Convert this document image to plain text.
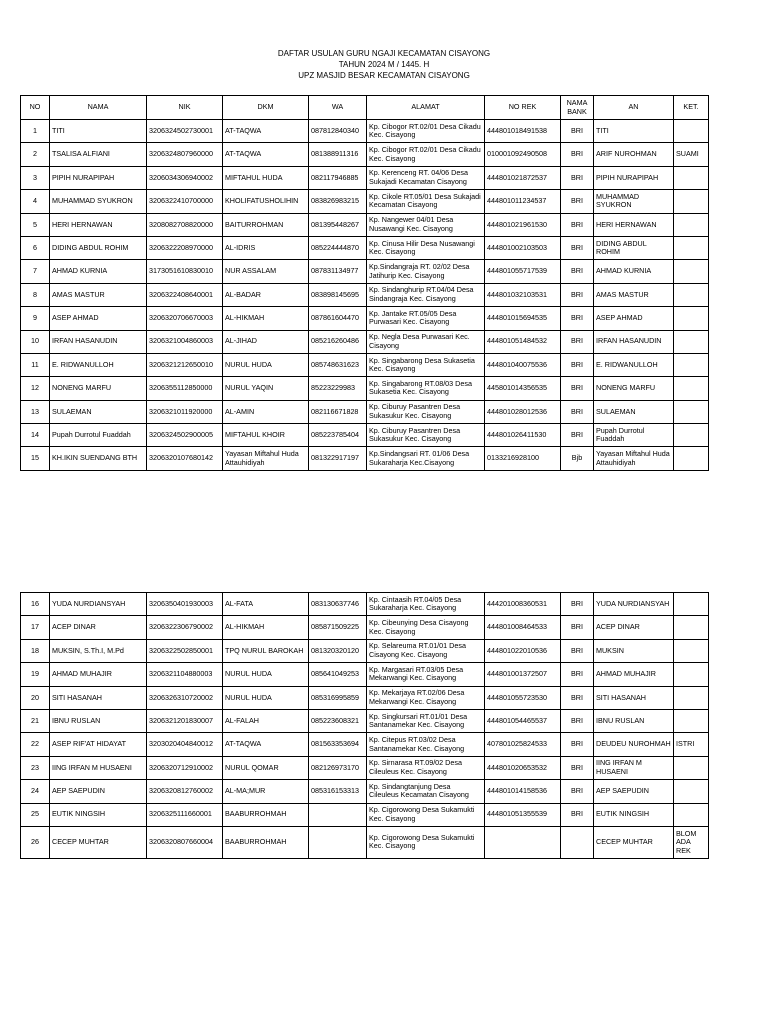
DAFTAR USULAN GURU NGAJI KECAMATAN CISAYONG
TAHUN 2024 M / 1445. H
UPZ MASJID BESAR KECAMATAN CISAYONG
NO	NAMA	NIK	DKM	WA	ALAMAT	NO REK	NAMA BANK	AN	KET.
1	TITI	3206324502730001	AT-TAQWA	087812840340	Kp. Cibogor RT.02/01 Desa Cikadu Kec. Cisayong	444801018491538	BRI	TITI	
2	TSALISA ALFIANI	3206324807960000	AT-TAQWA	081388911316	Kp. Cibogor RT.02/01 Desa Cikadu Kec. Cisayong	010001092490508	BRI	ARIF NUROHMAN	SUAMI
3	PIPIH NURAPIPAH	3206034306940002	MIFTAHUL HUDA	082117946885	Kp. Kerenceng RT. 04/06 Desa Sukajadi Kecamatan Cisayong	444801021872537	BRI	PIPIH NURAPIPAH	
4	MUHAMMAD SYUKRON	3206322410700000	KHOLIFATUSHOLIHIN	083826983215	Kp. Cikole RT.05/01 Desa Sukajadi Kecamatan Cisayong	444801011234537	BRI	MUHAMMAD SYUKRON	
5	HERI HERNAWAN	3208082708820000	BAITURROHMAN	081395448267	Kp. Nangewer 04/01 Desa Nusawangi Kec. Cisayong	444801021961530	BRI	HERI HERNAWAN	
6	DIDING ABDUL ROHIM	3206322208970000	AL-IDRIS	085224444870	Kp. Cinusa Hilir Desa Nusawangi Kec. Cisayong	444801002103503	BRI	DIDING ABDUL ROHIM	
7	AHMAD KURNIA	3173051610830010	NUR ASSALAM	087831134977	Kp.Sindangraja RT. 02/02 Desa Jatihurip Kec. Cisayong	444801055717539	BRI	AHMAD KURNIA	
8	AMAS MASTUR	3206322408640001	AL-BADAR	083898145695	Kp. Sindanghurip RT.04/04 Desa Sindangraja Kec. Cisayong	444801032103531	BRI	AMAS MASTUR	
9	ASEP AHMAD	3206320706670003	AL-HIKMAH	087861604470	Kp. Jantake RT.05/05 Desa Purwasari Kec. Cisayong	444801015694535	BRI	ASEP AHMAD	
10	IRFAN HASANUDIN	3206321004860003	AL-JIHAD	085216260486	Kp. Negla Desa Purwasari Kec. Cisayong	444801051484532	BRI	IRFAN HASANUDIN	
11	E. RIDWANULLOH	3206321212650010	NURUL HUDA	085748631623	Kp. Singabarong Desa Sukasetia Kec. Cisayong	444801040075536	BRI	E. RIDWANULLOH	
12	NONENG MARFU	3206355112850000	NURUL YAQIN	85223229983	Kp. Singabarong RT.08/03 Desa Sukasetia Kec. Cisayong	445801014356535	BRI	NONENG MARFU	
13	SULAEMAN	3206321011920000	AL-AMIN	082116671828	Kp. Ciburuy Pasantren Desa Sukasukur Kec. Cisayong	444801028012536	BRI	SULAEMAN	
14	Pupah Durrotul Fuaddah	3206324502900005	MIFTAHUL KHOIR	085223785404	Kp. Ciburuy Pasantren Desa Sukasukur Kec. Cisayong	444801026411530	BRI	Pupah Durrotul Fuaddah	
15	KH.IKIN SUENDANG BTH	3206320107680142	Yayasan Miftahul Huda Attauhidiyah	081322917197	Kp.Sindangsari RT. 01/06 Desa Sukaraharja Kec.Cisayong	0133216928100	Bjb	Yayasan Miftahul Huda Attauhidiyah	
16	YUDA NURDIANSYAH	3206350401930003	AL-FATA	083130637746	Kp. Cintaasih RT.04/05 Desa Sukaraharja Kec. Cisayong	444201008360531	BRI	YUDA NURDIANSYAH	
17	ACEP DINAR	3206322306790002	AL-HIKMAH	085871509225	Kp. Cibeunying Desa Cisayong Kec. Cisayong	444801008464533	BRI	ACEP DINAR	
18	MUKSIN, S.Th.I, M.Pd	3206322502850001	TPQ NURUL BAROKAH	081320320120	Kp. Selareuma RT.01/01 Desa Cisayong Kec. Cisayong	444801022010536	BRI	MUKSIN	
19	AHMAD MUHAJIR	3206321104880003	NURUL HUDA	085641049253	Kp. Margasari RT.03/05 Desa Mekarwangi Kec. Cisayong	444801001372507	BRI	AHMAD MUHAJIR	
20	SITI HASANAH	3206326310720002	NURUL HUDA	085316995859	Kp. Mekarjaya RT.02/06 Desa Mekarwangi Kec. Cisayong	444801055723530	BRI	SITI HASANAH	
21	IBNU RUSLAN	3206321201830007	AL-FALAH	085223608321	Kp. Singkursari RT.01/01 Desa Santanamekar Kec. Cisayong	444801054465537	BRI	IBNU RUSLAN	
22	ASEP RIF'AT HIDAYAT	3203020404840012	AT-TAQWA	081563353694	Kp. Citepus RT.03/02 Desa Santanamekar Kec. Cisayong	407801025824533	BRI	DEUDEU NUROHMAH	ISTRI
23	IING IRFAN M HUSAENI	3206320712910002	NURUL QOMAR	082126973170	Kp. Sirnarasa RT.09/02 Desa Cileuleus Kec. Cisayong	444801020653532	BRI	IING IRFAN M HUSAENI	
24	AEP SAEPUDIN	3206320812760002	AL-MA;MUR	085316153313	Kp. Sindangtanjung Desa Cileuleus Kecamatan Cisayong	444801014158536	BRI	AEP SAEPUDIN	
25	EUTIK NINGSIH	3206325111660001	BAABURROHMAH		Kp. Cigorowong Desa Sukamukti Kec. Cisayong	444801051355539	BRI	EUTIK NINGSIH	
26	CECEP MUHTAR	3206320807660004	BAABURROHMAH		Kp. Cigorowong Desa Sukamukti Kec. Cisayong			CECEP MUHTAR	BLOM ADA REK
